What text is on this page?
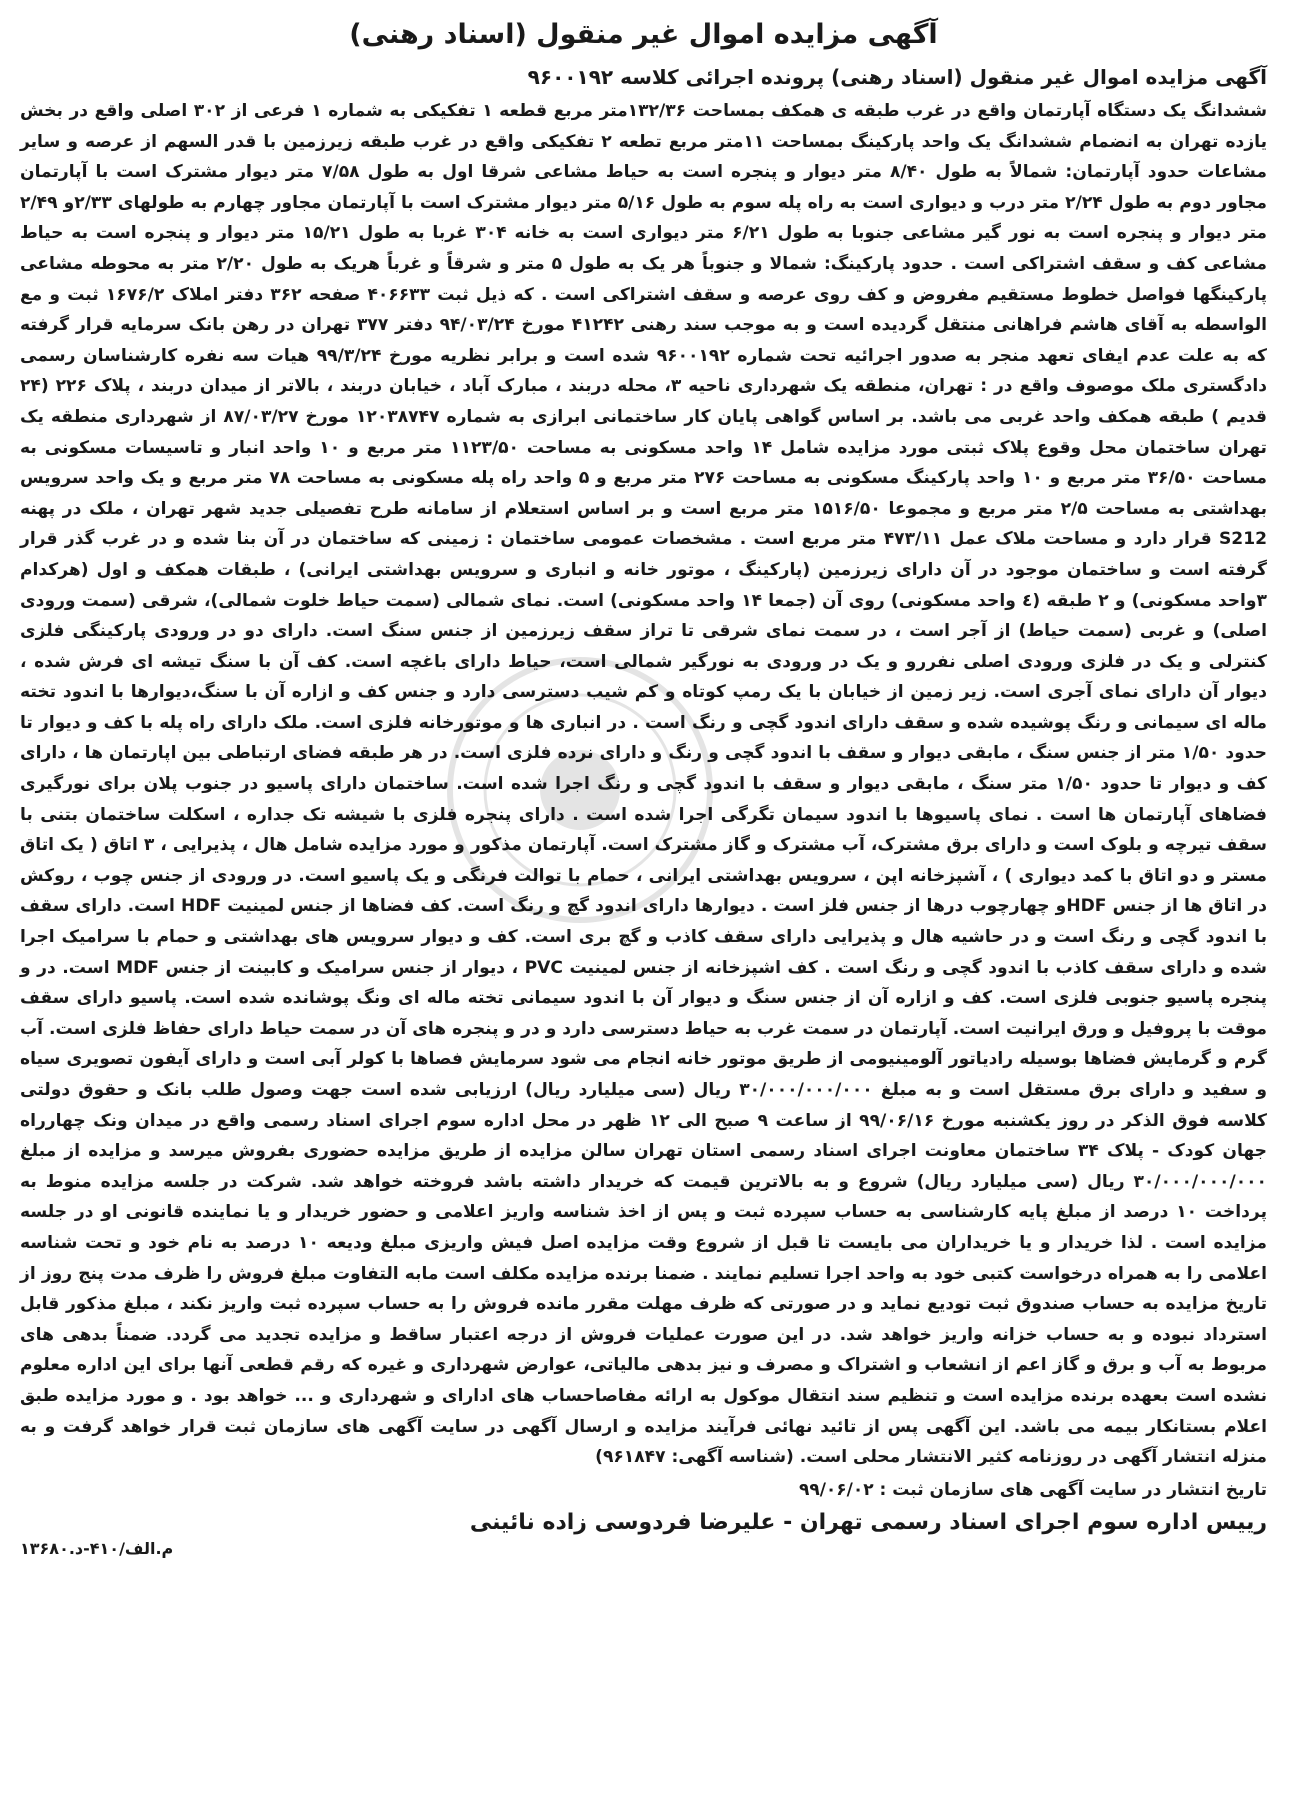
آگهی مزایده اموال غیر منقول (اسناد رهنی)
آگهی مزایده اموال غیر منقول (اسناد رهنی) پرونده اجرائی کلاسه ۹۶۰۰۱۹۲

ششدانگ یک دستگاه آپارتمان واقع در غرب طبقه ی همکف بمساحت ۱۳۲/۳۶متر مربع قطعه ۱ تفکیکی به شماره ۱ فرعی از ۳۰۲ اصلی واقع در بخش یازده تهران به انضمام ششدانگ یک واحد پارکینگ بمساحت ۱۱متر مربع تطعه ۲ تفکیکی واقع در غرب طبقه زیرزمین با قدر السهم از عرصه و سایر مشاعات حدود آپارتمان: شمالاً به طول ۸/۴۰ متر دیوار و پنجره است به حیاط مشاعی شرقا اول به طول ۷/۵۸ متر دیوار مشترک است با آپارتمان مجاور دوم به طول ۲/۲۴ متر درب و دیواری است به راه پله سوم به طول ۵/۱۶ متر دیوار مشترک است با آپارتمان مجاور چهارم به طولهای ۲/۳۳و ۲/۴۹ متر دیوار و پنجره است به نور گیر مشاعی جنوبا به طول ۶/۲۱ متر دیواری است به خانه ۳۰۴ غربا به طول ۱۵/۲۱ متر دیوار و پنجره است به حیاط مشاعی کف و سقف اشتراکی است . حدود پارکینگ: شمالا و جنوباً هر یک به طول ۵ متر و شرقاً و غرباً هریک به طول ۲/۲۰ متر به محوطه مشاعی پارکینگها فواصل خطوط مستقیم مفروض و کف روی عرصه و سقف اشتراکی است . که ذیل ثبت ۴۰۶۶۳۳ صفحه ۳۶۲ دفتر املاک ۱۶۷۶/۲ ثبت و مع الواسطه به آقای هاشم فراهانی منتقل گردیده است و به موجب سند رهنی ۴۱۲۴۲ مورخ ۹۴/۰۳/۲۴ دفتر ۳۷۷ تهران در رهن بانک سرمایه قرار گرفته که به علت عدم ایفای تعهد منجر به صدور اجرائیه تحت شماره ۹۶۰۰۱۹۲ شده است و برابر نظریه مورخ ۹۹/۳/۲۴ هیات سه نفره کارشناسان رسمی دادگستری ملک موصوف واقع در : تهران، منطقه یک شهرداری ناحیه ۳، محله دربند ، مبارک آباد ، خیابان دربند ، بالاتر از میدان دربند ، پلاک ۲۲۶ (۲۴ قدیم ) طبقه همکف واحد غربی می باشد. بر اساس گواهی پایان کار ساختمانی ابرازی به شماره ۱۲۰۳۸۷۴۷ مورخ ۸۷/۰۳/۲۷ از شهرداری منطقه یک تهران ساختمان محل وقوع پلاک ثبتی مورد مزایده شامل ۱۴ واحد مسکونی به مساحت ۱۱۲۳/۵۰ متر مربع و ۱۰ واحد انبار و تاسیسات مسکونی به مساحت ۳۶/۵۰ متر مربع و ۱۰ واحد پارکینگ مسکونی به مساحت ۲۷۶ متر مربع و ۵ واحد راه پله مسکونی به مساحت ۷۸ متر مربع و یک واحد سرویس بهداشتی به مساحت ۲/۵ متر مربع و مجموعا ۱۵۱۶/۵۰ متر مربع است و بر اساس استعلام از سامانه طرح تفصیلی جدید شهر تهران ، ملک در پهنه S212 قرار دارد و مساحت ملاک عمل ۴۷۳/۱۱ متر مربع است . مشخصات عمومی ساختمان : زمینی که ساختمان در آن بنا شده و در غرب گذر قرار گرفته است و ساختمان موجود در آن دارای زیرزمین (پارکینگ ، موتور خانه و انباری و سرویس بهداشتی ایرانی) ، طبقات همکف و اول (هرکدام ۳واحد مسکونی) و ۲ طبقه (٤ واحد مسکونی) روی آن (جمعا ۱۴ واحد مسکونی) است. نمای شمالی (سمت حیاط خلوت شمالی)، شرقی (سمت ورودی اصلی) و غربی (سمت حیاط) از آجر است ، در سمت نمای شرقی تا تراز سقف زیرزمین از جنس سنگ است. دارای دو در ورودی پارکینگی فلزی کنترلی و یک در فلزی ورودی اصلی نفررو و یک در ورودی به نورگیر شمالی است، حیاط دارای باغچه است. کف آن با سنگ تیشه ای فرش شده ، دیوار آن دارای نمای آجری است. زیر زمین از خیابان با یک رمپ کوتاه و کم شیب دسترسی دارد و جنس کف و ازاره آن با سنگ،دیوارها با اندود تخته ماله ای سیمانی و رنگ پوشیده شده و سقف دارای اندود گچی و رنگ است . در انباری ها و موتورخانه فلزی است. ملک دارای راه پله با کف و دیوار تا حدود ۱/۵۰ متر از جنس سنگ ، مابقی دیوار و سقف با اندود گچی و رنگ و دارای نرده فلزی است. در هر طبقه فضای ارتباطی بین اپارتمان ها ، دارای کف و دیوار تا حدود ۱/۵۰ متر سنگ ، مابقی دیوار و سقف با اندود گچی و رنگ اجرا شده است. ساختمان دارای پاسیو در جنوب پلان برای نورگیری فضاهای آپارتمان ها است . نمای پاسیوها با اندود سیمان تگرگی اجرا شده است . دارای پنجره فلزی با شیشه تک جداره ، اسکلت ساختمان بتنی با سقف تیرچه و بلوک است و دارای برق مشترک، آب مشترک و گاز مشترک است. آپارتمان مذکور و مورد مزایده شامل هال ، پذیرایی ، ۳ اتاق ( یک اتاق مستر و دو اتاق با کمد دیواری ) ، آشپزخانه اپن ، سرویس بهداشتی ایرانی ، حمام با توالت فرنگی و یک پاسیو است. در ورودی از جنس چوب ، روکش در اتاق ها از جنس HDFو چهارچوب درها از جنس فلز است . دیوارها دارای اندود گچ و رنگ است. کف فضاها از جنس لمینیت HDF است. دارای سقف با اندود گچی و رنگ است و در حاشیه هال و پذیرایی دارای سقف کاذب و گچ بری است. کف و دیوار سرویس های بهداشتی و حمام با سرامیک اجرا شده و دارای سقف کاذب با اندود گچی و رنگ است . کف اشپزخانه از جنس لمینیت PVC ، دیوار از جنس سرامیک و کابینت از جنس MDF است. در و پنجره پاسیو جنوبی فلزی است. کف و ازاره آن از جنس سنگ و دیوار آن با اندود سیمانی تخته ماله ای ونگ پوشانده شده است. پاسیو دارای سقف موقت با پروفیل و ورق ایرانیت است. آپارتمان در سمت غرب به حیاط دسترسی دارد و در و پنجره های آن در سمت حیاط دارای حفاظ فلزی است. آب گرم و گرمایش فضاها بوسیله رادیاتور آلومینیومی از طریق موتور خانه انجام می شود سرمایش فصاها با کولر آبی است و دارای آیفون تصویری سیاه و سفید و دارای برق مستقل است و به مبلغ ۳۰/۰۰۰/۰۰۰/۰۰۰ ریال (سی میلیارد ریال) ارزیابی شده است جهت وصول طلب بانک و حقوق دولتی کلاسه فوق الذکر در روز یکشنبه مورخ ۹۹/۰۶/۱۶ از ساعت ۹ صبح الی ۱۲ ظهر در محل اداره سوم اجرای اسناد رسمی واقع در میدان ونک چهارراه جهان کودک - پلاک ۳۴ ساختمان معاونت اجرای اسناد رسمی استان تهران سالن مزایده از طریق مزایده حضوری بفروش میرسد و مزایده از مبلغ ۳۰/۰۰۰/۰۰۰/۰۰۰ ریال (سی میلیارد ریال) شروع و به بالاترین قیمت که خریدار داشته باشد فروخته خواهد شد. شرکت در جلسه مزایده منوط به پرداخت ۱۰ درصد از مبلغ پایه کارشناسی به حساب سپرده ثبت و پس از اخذ شناسه واریز اعلامی و حضور خریدار و یا نماینده قانونی او در جلسه مزایده است . لذا خریدار و یا خریداران می بایست تا قبل از شروع وقت مزایده اصل فیش واریزی مبلغ ودیعه ۱۰ درصد به نام خود و تحت شناسه اعلامی را به همراه درخواست کتبی خود به واحد اجرا تسلیم نمایند . ضمنا برنده مزایده مکلف است مابه التفاوت مبلغ فروش را ظرف مدت پنج روز از تاریخ مزایده به حساب صندوق ثبت تودیع نماید و در صورتی که ظرف مهلت مقرر مانده فروش را به حساب سپرده ثبت واریز نکند ، مبلغ مذکور قابل استرداد نبوده و به حساب خزانه واریز خواهد شد. در این صورت عملیات فروش از درجه اعتبار ساقط و مزایده تجدید می گردد. ضمناً بدهی های مربوط به آب و برق و گاز اعم از انشعاب و اشتراک و مصرف و نیز بدهی مالیاتی، عوارض شهرداری و غیره که رقم قطعی آنها برای این اداره معلوم نشده است بعهده برنده مزایده است و تنظیم سند انتقال موکول به ارائه مفاصاحساب های ادارای و شهرداری و ... خواهد بود . و مورد مزایده طبق اعلام بستانکار بیمه می باشد. این آگهی پس از تائید نهائی فرآیند مزایده و ارسال آگهی در سایت آگهی های سازمان ثبت قرار خواهد گرفت و به منزله انتشار آگهی در روزنامه کثیر الانتشار محلی است. (شناسه آگهی: ۹۶۱۸۴۷)

تاریخ انتشار در سایت آگهی های سازمان ثبت : ۹۹/۰۶/۰۲
رییس اداره سوم اجرای اسناد رسمی تهران - علیرضا فردوسی زاده نائینی
۱۳۶۸۰.م.الف/۴۱۰-د
